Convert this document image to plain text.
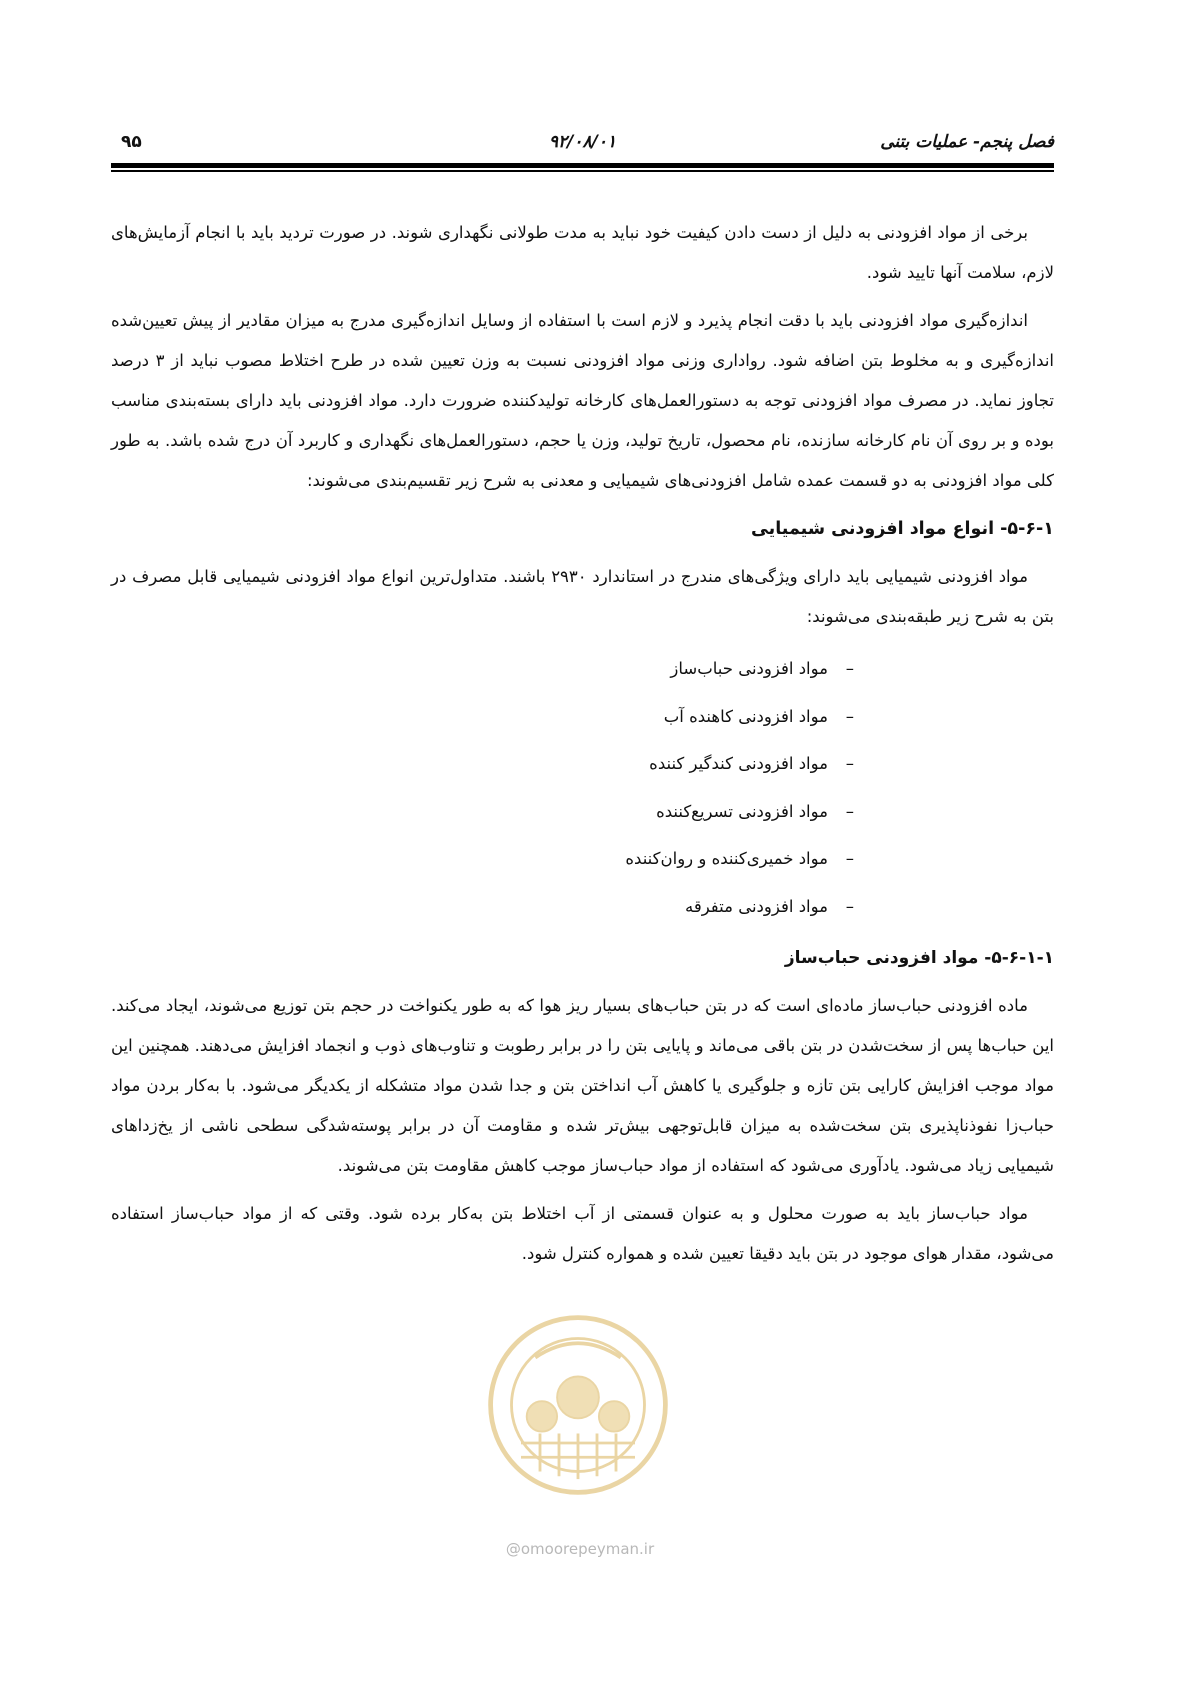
فصل پنجم- عملیات بتنی
۹۲/۰۸/۰۱
۹۵

برخی از مواد افزودنی به دلیل از دست دادن کیفیت خود نباید به مدت طولانی نگهداری شوند. در صورت تردید باید با انجام آزمایش‌های لازم، سلامت آنها تایید شود.

اندازه‌گیری مواد افزودنی باید با دقت انجام پذیرد و لازم است با استفاده از وسایل اندازه‌گیری مدرج به میزان مقادیر از پیش تعیین‌شده اندازه‌گیری و به مخلوط بتن اضافه شود. رواداری وزنی مواد افزودنی نسبت به وزن تعیین شده در طرح اختلاط مصوب نباید از ۳ درصد تجاوز نماید. در مصرف مواد افزودنی توجه به دستورالعمل‌های کارخانه تولیدکننده ضرورت دارد. مواد افزودنی باید دارای بسته‌بندی مناسب بوده و بر روی آن نام کارخانه سازنده، نام محصول، تاریخ تولید، وزن یا حجم، دستورالعمل‌های نگهداری و کاربرد آن درج شده باشد. به طور کلی مواد افزودنی به دو قسمت عمده شامل افزودنی‌های شیمیایی و معدنی به شرح زیر تقسیم‌بندی می‌شوند:

۵-۶-۱- انواع مواد افزودنی شیمیایی

مواد افزودنی شیمیایی باید دارای ویژگی‌های مندرج در استاندارد ۲۹۳۰ باشند. متداول‌ترین انواع مواد افزودنی شیمیایی قابل مصرف در بتن به شرح زیر طبقه‌بندی می‌شوند:

–مواد افزودنی حباب‌ساز
–مواد افزودنی کاهنده آب
–مواد افزودنی کندگیر کننده
–مواد افزودنی تسریع‌کننده
–مواد خمیری‌کننده و روان‌کننده
–مواد افزودنی متفرقه
۵-۶-۱-۱- مواد افزودنی حباب‌ساز

ماده افزودنی حباب‌ساز ماده‌ای است که در بتن حباب‌های بسیار ریز هوا که به طور یکنواخت در حجم بتن توزیع می‌شوند، ایجاد می‌کند. این حباب‌ها پس از سخت‌شدن در بتن باقی می‌ماند و پایایی بتن را در برابر رطوبت و تناوب‌های ذوب و انجماد افزایش می‌دهند. همچنین این مواد موجب افزایش کارایی بتن تازه و جلوگیری یا کاهش آب انداختن بتن و جدا شدن مواد متشکله از یکدیگر می‌شود. با به‌کار بردن مواد حباب‌زا نفوذناپذیری بتن سخت‌شده به میزان قابل‌توجهی بیش‌تر شده و مقاومت آن در برابر پوسته‌شدگی سطحی ناشی از یخ‌زداهای شیمیایی زیاد می‌شود. یادآوری می‌شود که استفاده از مواد حباب‌ساز موجب کاهش مقاومت بتن می‌شوند.

مواد حباب‌ساز باید به صورت محلول و به عنوان قسمتی از آب اختلاط بتن به‌کار برده شود. وقتی که از مواد حباب‌ساز استفاده می‌شود، مقدار هوای موجود در بتن باید دقیقا تعیین شده و همواره کنترل شود.

@omoorepeyman.ir
